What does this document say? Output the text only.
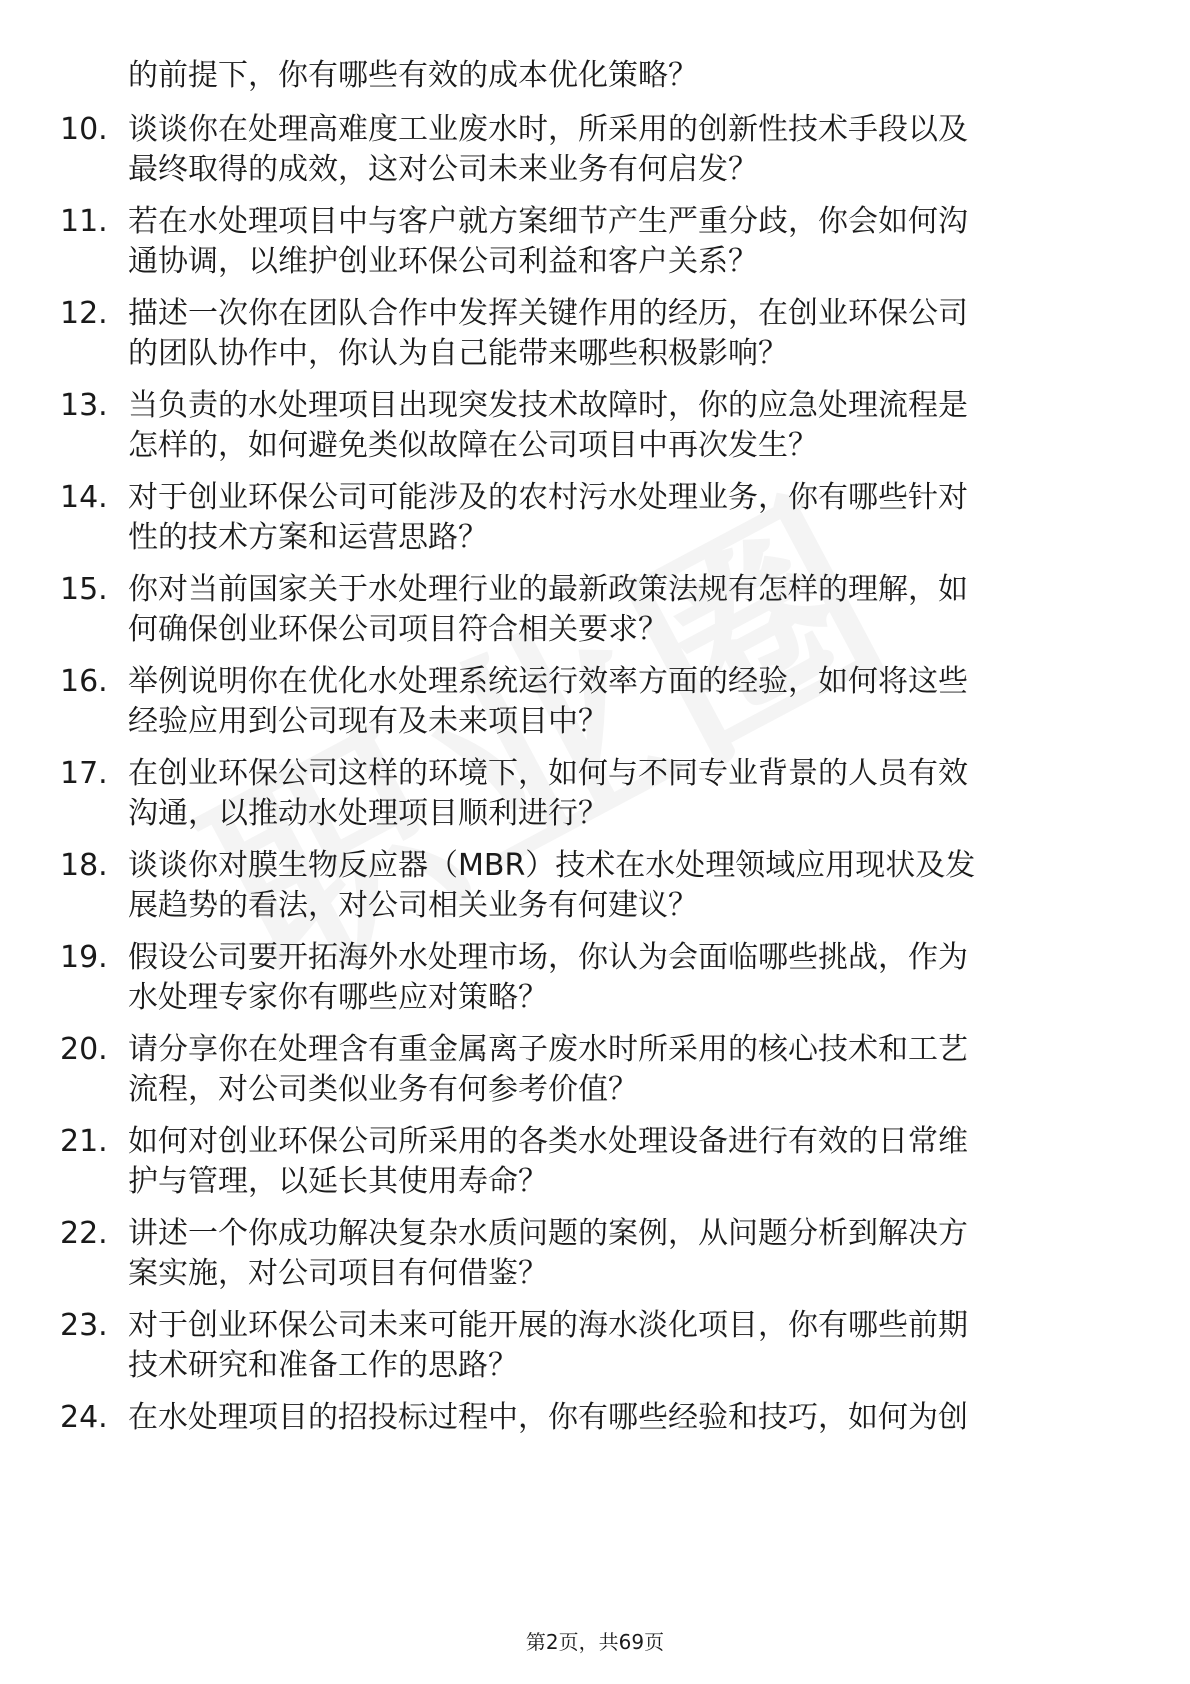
的前提下，你有哪些有效的成本优化策略？
10. 谈谈你在处理高难度工业废水时，所采用的创新性技术手段以及
最终取得的成效，这对公司未来业务有何启发？
11. 若在水处理项目中与客户就方案细节产生严重分歧，你会如何沟
通协调，以维护创业环保公司利益和客户关系？
12. 描述一次你在团队合作中发挥关键作用的经历，在创业环保公司
的团队协作中，你认为自己能带来哪些积极影响？
13. 当负责的水处理项目出现突发技术故障时，你的应急处理流程是
怎样的，如何避免类似故障在公司项目中再次发生？
14. 对于创业环保公司可能涉及的农村污水处理业务，你有哪些针对
性的技术方案和运营思路？
15. 你对当前国家关于水处理行业的最新政策法规有怎样的理解，如
何确保创业环保公司项目符合相关要求？
16. 举例说明你在优化水处理系统运行效率方面的经验，如何将这些
经验应用到公司现有及未来项目中？
17. 在创业环保公司这样的环境下，如何与不同专业背景的人员有效
沟通，以推动水处理项目顺利进行？
18. 谈谈你对膜生物反应器（MBR）技术在水处理领域应用现状及发
展趋势的看法，对公司相关业务有何建议？
19. 假设公司要开拓海外水处理市场，你认为会面临哪些挑战，作为
水处理专家你有哪些应对策略？
20. 请分享你在处理含有重金属离子废水时所采用的核心技术和工艺
流程，对公司类似业务有何参考价值？
21. 如何对创业环保公司所采用的各类水处理设备进行有效的日常维
护与管理，以延长其使用寿命？
22. 讲述一个你成功解决复杂水质问题的案例，从问题分析到解决方
案实施，对公司项目有何借鉴？
23. 对于创业环保公司未来可能开展的海水淡化项目，你有哪些前期
技术研究和准备工作的思路？
24. 在水处理项目的招投标过程中，你有哪些经验和技巧，如何为创
第2页，共69页
